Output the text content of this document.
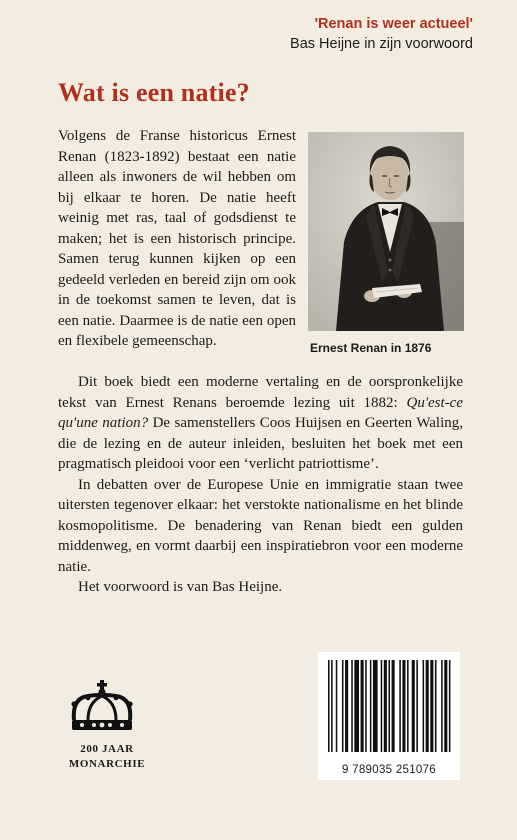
'Renan is weer actueel'
Bas Heijne in zijn voorwoord
Wat is een natie?

Volgens de Franse historicus Ernest Renan (1823-1892) bestaat een natie alleen als inwoners de wil hebben om bij elkaar te horen. De natie heeft weinig met ras, taal of godsdienst te maken; het is een historisch principe. Samen terug kunnen kijken op een gedeeld verleden en bereid zijn om ook in de toekomst samen te leven, dat is een natie. Daarmee is de natie een open en flexibele gemeenschap.	Ernest Renan in 1876

Dit boek biedt een moderne vertaling en de oorspronkelijke tekst van Ernest Renans beroemde lezing uit 1882: Qu'est-ce qu'une nation? De samenstellers Coos Huijsen en Geerten Waling, die de lezing en de auteur inleiden, besluiten het boek met een pragmatisch pleidooi voor een ‘verlicht patriottisme’.

In debatten over de Europese Unie en immigratie staan twee uitersten tegenover elkaar: het verstokte nationalisme en het blinde kosmopolitisme. De benadering van Renan biedt een gulden middenweg, en vormt daarbij een inspiratiebron voor een moderne natie.

Het voorwoord is van Bas Heijne.

200 JAAR
MONARCHIE	9 789035 251076
